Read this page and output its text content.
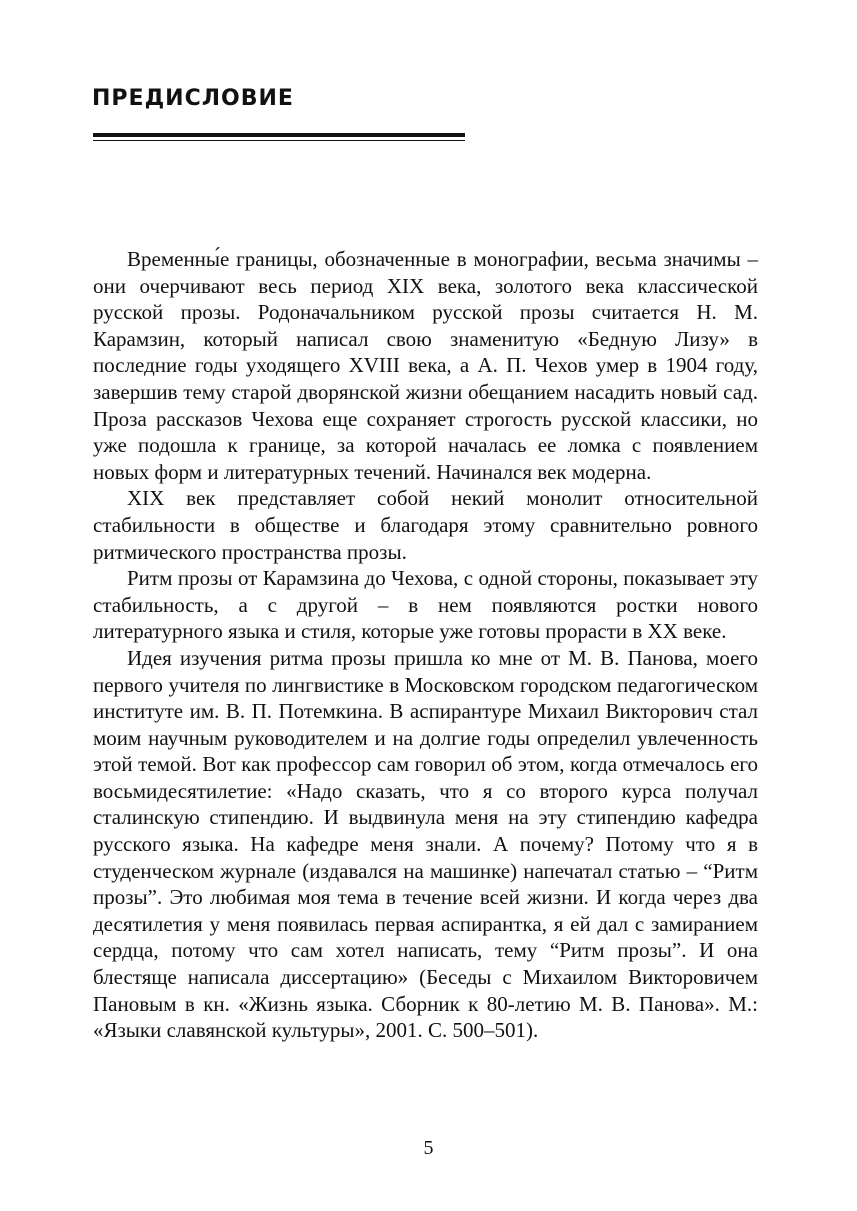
ПРЕДИСЛОВИЕ

Временны́е границы, обозначенные в монографии, весьма значимы – они очерчивают весь период XIX века, золотого века классической русской прозы. Родоначальником русской прозы считается Н. М. Карамзин, который написал свою знаменитую «Бедную Лизу» в последние годы уходящего XVIII века, а А. П. Чехов умер в 1904 году, завершив тему старой дворянской жизни обещанием насадить новый сад. Проза рассказов Чехова еще сохраняет строгость русской классики, но уже подошла к границе, за которой началась ее ломка с появлением новых форм и литературных течений. Начинался век модерна.

XIX век представляет собой некий монолит относительной стабильности в обществе и благодаря этому сравнительно ровного ритмического пространства прозы.

Ритм прозы от Карамзина до Чехова, с одной стороны, показывает эту стабильность, а с другой – в нем появляются ростки нового литературного языка и стиля, которые уже готовы прорасти в XX веке.

Идея изучения ритма прозы пришла ко мне от М. В. Панова, моего первого учителя по лингвистике в Московском городском педагогическом институте им. В. П. Потемкина. В аспирантуре Михаил Викторович стал моим научным руководителем и на долгие годы определил увлеченность этой темой. Вот как профессор сам говорил об этом, когда отмечалось его восьмидесятилетие: «Надо сказать, что я со второго курса получал сталинскую стипендию. И выдвинула меня на эту стипендию кафедра русского языка. На кафедре меня знали. А почему? Потому что я в студенческом журнале (издавался на машинке) напечатал статью – “Ритм прозы”. Это любимая моя тема в течение всей жизни. И когда через два десятилетия у меня появилась первая аспирантка, я ей дал с замиранием сердца, потому что сам хотел написать, тему “Ритм прозы”. И она блестяще написала диссертацию» (Беседы с Михаилом Викторовичем Пановым в кн. «Жизнь языка. Сборник к 80-летию М. В. Панова». М.: «Языки славянской культуры», 2001. С. 500–501).

5
